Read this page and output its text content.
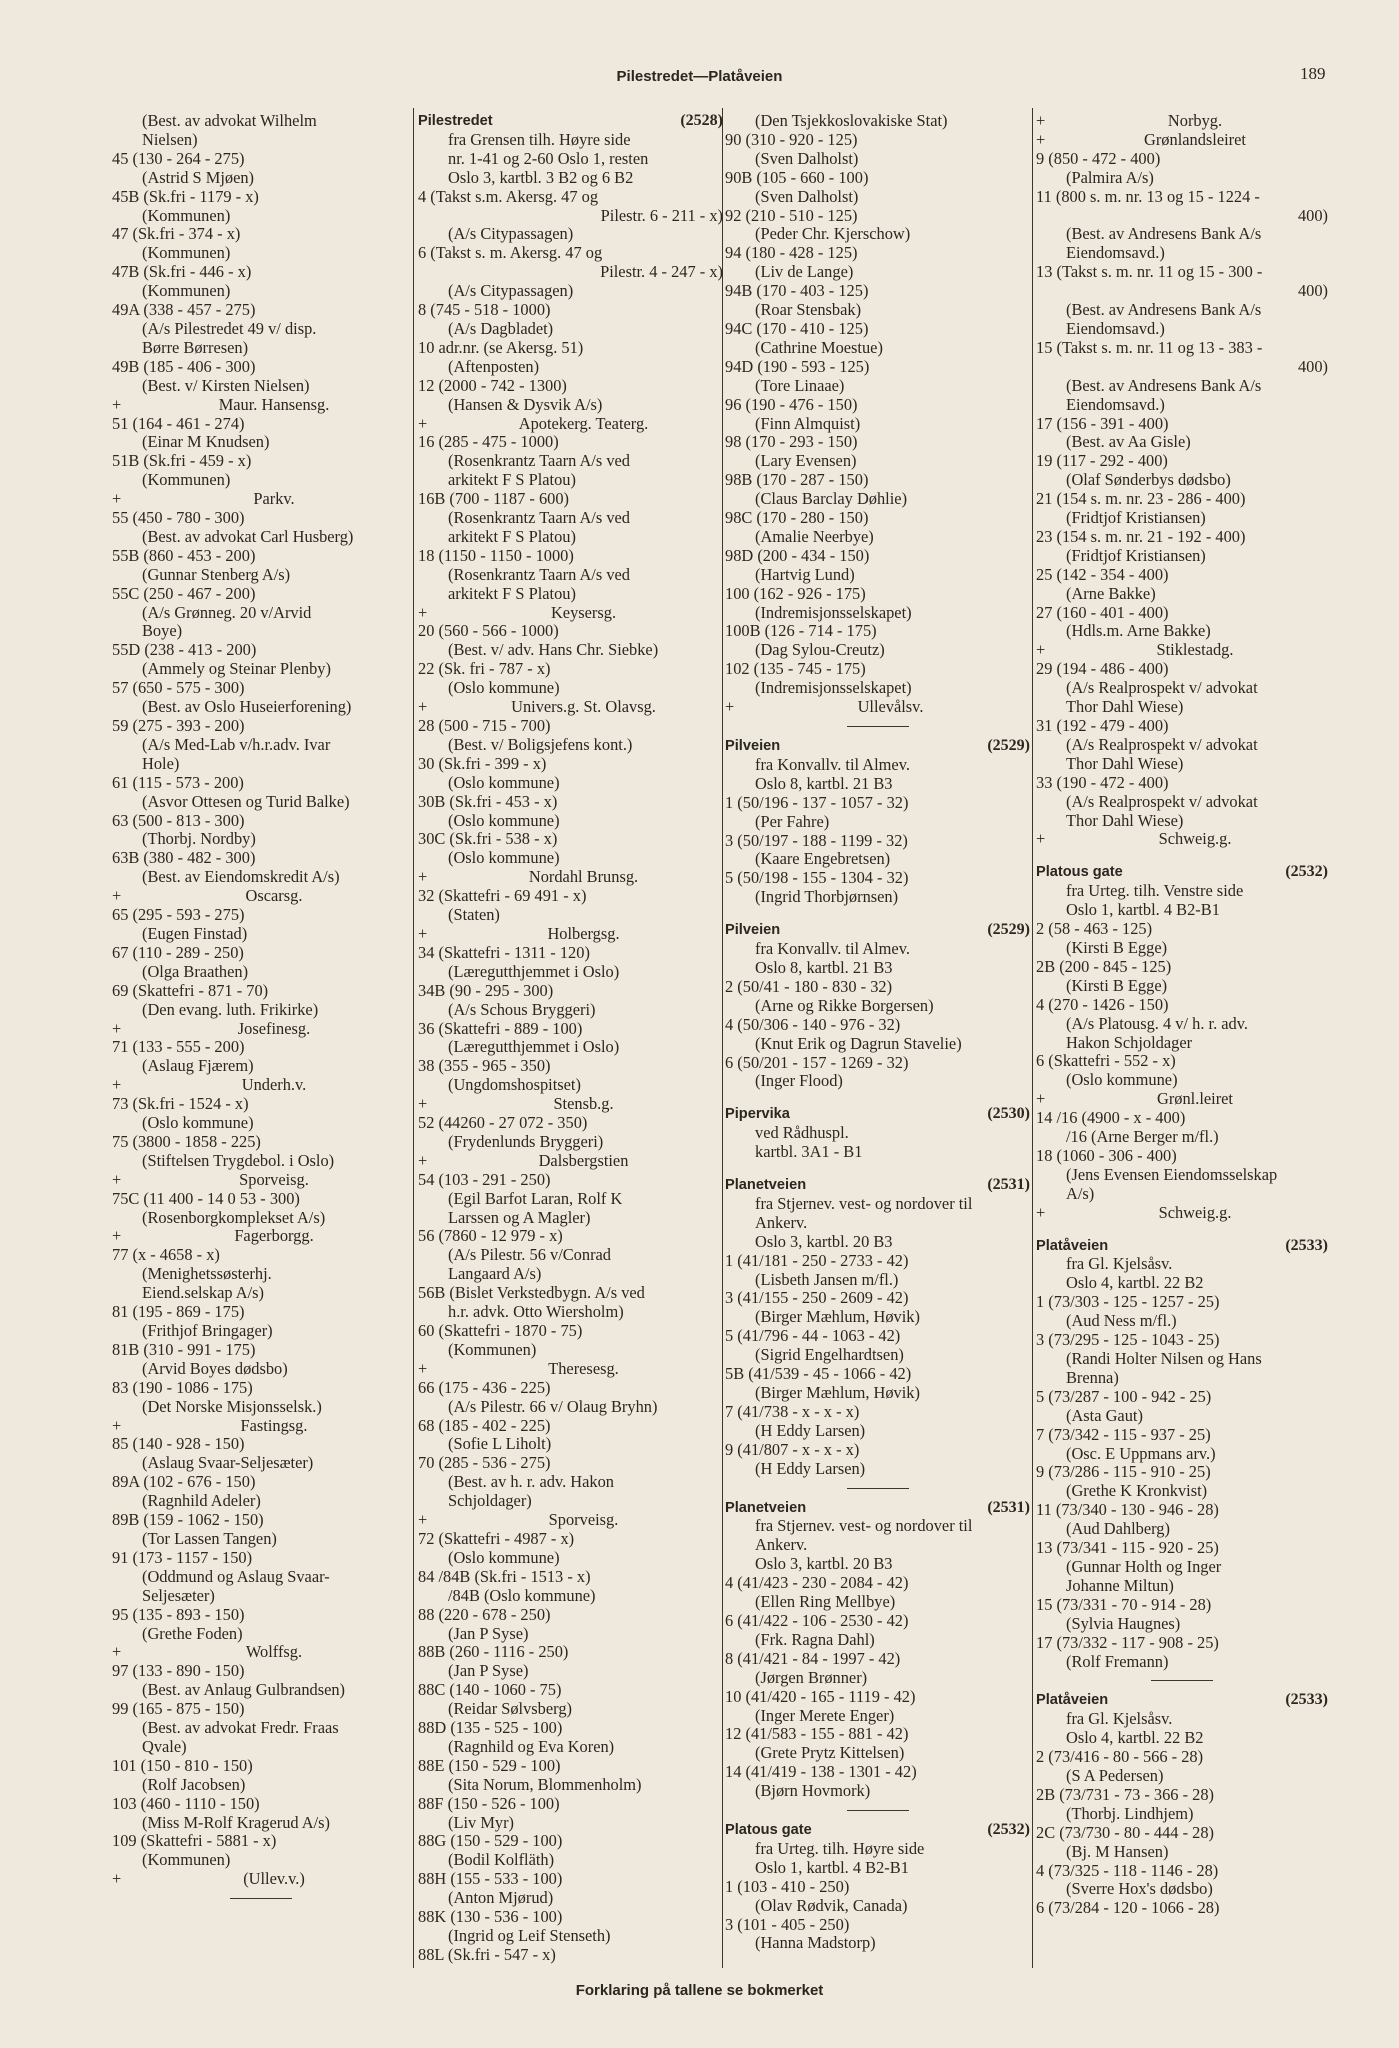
Pilestredet—Platåveien	189
(Best. av advokat Wilhelm
Nielsen)
45 (130 - 264 - 275)
(Astrid S Mjøen)
45B (Sk.fri - 1179 - x)
(Kommunen)
47 (Sk.fri - 374 - x)
(Kommunen)
47B (Sk.fri - 446 - x)
(Kommunen)
49A (338 - 457 - 275)
(A/s Pilestredet 49 v/ disp.
Børre Børresen)
49B (185 - 406 - 300)
(Best. v/ Kirsten Nielsen)
+	Maur. Hansensg.
51 (164 - 461 - 274)
(Einar M Knudsen)
51B (Sk.fri - 459 - x)
(Kommunen)
+	Parkv.
55 (450 - 780 - 300)
(Best. av advokat Carl Husberg)
55B (860 - 453 - 200)
(Gunnar Stenberg A/s)
55C (250 - 467 - 200)
(A/s Grønneg. 20 v/Arvid
Boye)
55D (238 - 413 - 200)
(Ammely og Steinar Plenby)
57 (650 - 575 - 300)
(Best. av Oslo Huseierforening)
59 (275 - 393 - 200)
(A/s Med-Lab v/h.r.adv. Ivar
Hole)
61 (115 - 573 - 200)
(Asvor Ottesen og Turid Balke)
63 (500 - 813 - 300)
(Thorbj. Nordby)
63B (380 - 482 - 300)
(Best. av Eiendomskredit A/s)
+	Oscarsg.
65 (295 - 593 - 275)
(Eugen Finstad)
67 (110 - 289 - 250)
(Olga Braathen)
69 (Skattefri - 871 - 70)
(Den evang. luth. Frikirke)
+	Josefinesg.
71 (133 - 555 - 200)
(Aslaug Fjærem)
+	Underh.v.
73 (Sk.fri - 1524 - x)
(Oslo kommune)
75 (3800 - 1858 - 225)
(Stiftelsen Trygdebol. i Oslo)
+	Sporveisg.
75C (11 400 - 14 0 53 - 300)
(Rosenborgkomplekset A/s)
+	Fagerborgg.
77 (x - 4658 - x)
(Menighetssøsterhj.
Eiend.selskap A/s)
81 (195 - 869 - 175)
(Frithjof Bringager)
81B (310 - 991 - 175)
(Arvid Boyes dødsbo)
83 (190 - 1086 - 175)
(Det Norske Misjonsselsk.)
+	Fastingsg.
85 (140 - 928 - 150)
(Aslaug Svaar-Seljesæter)
89A (102 - 676 - 150)
(Ragnhild Adeler)
89B (159 - 1062 - 150)
(Tor Lassen Tangen)
91 (173 - 1157 - 150)
(Oddmund og Aslaug Svaar-
Seljesæter)
95 (135 - 893 - 150)
(Grethe Foden)
+	Wolffsg.
97 (133 - 890 - 150)
(Best. av Anlaug Gulbrandsen)
99 (165 - 875 - 150)
(Best. av advokat Fredr. Fraas
Qvale)
101 (150 - 810 - 150)
(Rolf Jacobsen)
103 (460 - 1110 - 150)
(Miss M-Rolf Kragerud A/s)
109 (Skattefri - 5881 - x)
(Kommunen)
+	(Ullev.v.)
Pilestredet	(2528)
fra Grensen tilh. Høyre side
nr. 1-41 og 2-60 Oslo 1, resten
Oslo 3, kartbl. 3 B2 og 6 B2
4 (Takst s.m. Akersg. 47 og
Pilestr. 6 - 211 - x)
(A/s Citypassagen)
6 (Takst s. m. Akersg. 47 og
Pilestr. 4 - 247 - x)
(A/s Citypassagen)
8 (745 - 518 - 1000)
(A/s Dagbladet)
10 adr.nr. (se Akersg. 51)
(Aftenposten)
12 (2000 - 742 - 1300)
(Hansen & Dysvik A/s)
+	Apotekerg. Teaterg.
16 (285 - 475 - 1000)
(Rosenkrantz Taarn A/s ved
arkitekt F S Platou)
16B (700 - 1187 - 600)
(Rosenkrantz Taarn A/s ved
arkitekt F S Platou)
18 (1150 - 1150 - 1000)
(Rosenkrantz Taarn A/s ved
arkitekt F S Platou)
+	Keysersg.
20 (560 - 566 - 1000)
(Best. v/ adv. Hans Chr. Siebke)
22 (Sk. fri - 787 - x)
(Oslo kommune)
+	Univers.g. St. Olavsg.
28 (500 - 715 - 700)
(Best. v/ Boligsjefens kont.)
30 (Sk.fri - 399 - x)
(Oslo kommune)
30B (Sk.fri - 453 - x)
(Oslo kommune)
30C (Sk.fri - 538 - x)
(Oslo kommune)
+	Nordahl Brunsg.
32 (Skattefri - 69 491 - x)
(Staten)
+	Holbergsg.
34 (Skattefri - 1311 - 120)
(Læregutthjemmet i Oslo)
34B (90 - 295 - 300)
(A/s Schous Bryggeri)
36 (Skattefri - 889 - 100)
(Læregutthjemmet i Oslo)
38 (355 - 965 - 350)
(Ungdomshospitset)
+	Stensb.g.
52 (44260 - 27 072 - 350)
(Frydenlunds Bryggeri)
+	Dalsbergstien
54 (103 - 291 - 250)
(Egil Barfot Laran, Rolf K
Larssen og A Magler)
56 (7860 - 12 979 - x)
(A/s Pilestr. 56 v/Conrad
Langaard A/s)
56B (Bislet Verkstedbygn. A/s ved
h.r. advk. Otto Wiersholm)
60 (Skattefri - 1870 - 75)
(Kommunen)
+	Theresesg.
66 (175 - 436 - 225)
(A/s Pilestr. 66 v/ Olaug Bryhn)
68 (185 - 402 - 225)
(Sofie L Liholt)
70 (285 - 536 - 275)
(Best. av h. r. adv. Hakon
Schjoldager)
+	Sporveisg.
72 (Skattefri - 4987 - x)
(Oslo kommune)
84 /84B (Sk.fri - 1513 - x)
/84B (Oslo kommune)
88 (220 - 678 - 250)
(Jan P Syse)
88B (260 - 1116 - 250)
(Jan P Syse)
88C (140 - 1060 - 75)
(Reidar Sølvsberg)
88D (135 - 525 - 100)
(Ragnhild og Eva Koren)
88E (150 - 529 - 100)
(Sita Norum, Blommenholm)
88F (150 - 526 - 100)
(Liv Myr)
88G (150 - 529 - 100)
(Bodil Kolfläth)
88H (155 - 533 - 100)
(Anton Mjørud)
88K (130 - 536 - 100)
(Ingrid og Leif Stenseth)
88L (Sk.fri - 547 - x)
(Den Tsjekkoslovakiske Stat)
90 (310 - 920 - 125)
(Sven Dalholst)
90B (105 - 660 - 100)
(Sven Dalholst)
92 (210 - 510 - 125)
(Peder Chr. Kjerschow)
94 (180 - 428 - 125)
(Liv de Lange)
94B (170 - 403 - 125)
(Roar Stensbak)
94C (170 - 410 - 125)
(Cathrine Moestue)
94D (190 - 593 - 125)
(Tore Linaae)
96 (190 - 476 - 150)
(Finn Almquist)
98 (170 - 293 - 150)
(Lary Evensen)
98B (170 - 287 - 150)
(Claus Barclay Døhlie)
98C (170 - 280 - 150)
(Amalie Neerbye)
98D (200 - 434 - 150)
(Hartvig Lund)
100 (162 - 926 - 175)
(Indremisjonsselskapet)
100B (126 - 714 - 175)
(Dag Sylou-Creutz)
102 (135 - 745 - 175)
(Indremisjonsselskapet)
+	Ullevålsv.
Pilveien	(2529)
fra Konvallv. til Almev.
Oslo 8, kartbl. 21 B3
1 (50/196 - 137 - 1057 - 32)
(Per Fahre)
3 (50/197 - 188 - 1199 - 32)
(Kaare Engebretsen)
5 (50/198 - 155 - 1304 - 32)
(Ingrid Thorbjørnsen)
Pilveien	(2529)
fra Konvallv. til Almev.
Oslo 8, kartbl. 21 B3
2 (50/41 - 180 - 830 - 32)
(Arne og Rikke Borgersen)
4 (50/306 - 140 - 976 - 32)
(Knut Erik og Dagrun Stavelie)
6 (50/201 - 157 - 1269 - 32)
(Inger Flood)
Pipervika	(2530)
ved Rådhuspl.
kartbl. 3A1 - B1
Planetveien	(2531)
fra Stjernev. vest- og nordover til
Ankerv.
Oslo 3, kartbl. 20 B3
1 (41/181 - 250 - 2733 - 42)
(Lisbeth Jansen m/fl.)
3 (41/155 - 250 - 2609 - 42)
(Birger Mæhlum, Høvik)
5 (41/796 - 44 - 1063 - 42)
(Sigrid Engelhardtsen)
5B (41/539 - 45 - 1066 - 42)
(Birger Mæhlum, Høvik)
7 (41/738 - x - x - x)
(H Eddy Larsen)
9 (41/807 - x - x - x)
(H Eddy Larsen)
Planetveien	(2531)
fra Stjernev. vest- og nordover til
Ankerv.
Oslo 3, kartbl. 20 B3
4 (41/423 - 230 - 2084 - 42)
(Ellen Ring Mellbye)
6 (41/422 - 106 - 2530 - 42)
(Frk. Ragna Dahl)
8 (41/421 - 84 - 1997 - 42)
(Jørgen Brønner)
10 (41/420 - 165 - 1119 - 42)
(Inger Merete Enger)
12 (41/583 - 155 - 881 - 42)
(Grete Prytz Kittelsen)
14 (41/419 - 138 - 1301 - 42)
(Bjørn Hovmork)
Platous gate	(2532)
fra Urteg. tilh. Høyre side
Oslo 1, kartbl. 4 B2-B1
1 (103 - 410 - 250)
(Olav Rødvik, Canada)
3 (101 - 405 - 250)
(Hanna Madstorp)
+	Norbyg.
+	Grønlandsleiret
9 (850 - 472 - 400)
(Palmira A/s)
11 (800 s. m. nr. 13 og 15 - 1224 -
400)
(Best. av Andresens Bank A/s
Eiendomsavd.)
13 (Takst s. m. nr. 11 og 15 - 300 -
400)
(Best. av Andresens Bank A/s
Eiendomsavd.)
15 (Takst s. m. nr. 11 og 13 - 383 -
400)
(Best. av Andresens Bank A/s
Eiendomsavd.)
17 (156 - 391 - 400)
(Best. av Aa Gisle)
19 (117 - 292 - 400)
(Olaf Sønderbys dødsbo)
21 (154 s. m. nr. 23 - 286 - 400)
(Fridtjof Kristiansen)
23 (154 s. m. nr. 21 - 192 - 400)
(Fridtjof Kristiansen)
25 (142 - 354 - 400)
(Arne Bakke)
27 (160 - 401 - 400)
(Hdls.m. Arne Bakke)
+	Stiklestadg.
29 (194 - 486 - 400)
(A/s Realprospekt v/ advokat
Thor Dahl Wiese)
31 (192 - 479 - 400)
(A/s Realprospekt v/ advokat
Thor Dahl Wiese)
33 (190 - 472 - 400)
(A/s Realprospekt v/ advokat
Thor Dahl Wiese)
+	Schweig.g.
Platous gate	(2532)
fra Urteg. tilh. Venstre side
Oslo 1, kartbl. 4 B2-B1
2 (58 - 463 - 125)
(Kirsti B Egge)
2B (200 - 845 - 125)
(Kirsti B Egge)
4 (270 - 1426 - 150)
(A/s Platousg. 4 v/ h. r. adv.
Hakon Schjoldager
6 (Skattefri - 552 - x)
(Oslo kommune)
+	Grønl.leiret
14 /16 (4900 - x - 400)
/16 (Arne Berger m/fl.)
18 (1060 - 306 - 400)
(Jens Evensen Eiendomsselskap
A/s)
+	Schweig.g.
Platåveien	(2533)
fra Gl. Kjelsåsv.
Oslo 4, kartbl. 22 B2
1 (73/303 - 125 - 1257 - 25)
(Aud Ness m/fl.)
3 (73/295 - 125 - 1043 - 25)
(Randi Holter Nilsen og Hans
Brenna)
5 (73/287 - 100 - 942 - 25)
(Asta Gaut)
7 (73/342 - 115 - 937 - 25)
(Osc. E Uppmans arv.)
9 (73/286 - 115 - 910 - 25)
(Grethe K Kronkvist)
11 (73/340 - 130 - 946 - 28)
(Aud Dahlberg)
13 (73/341 - 115 - 920 - 25)
(Gunnar Holth og Inger
Johanne Miltun)
15 (73/331 - 70 - 914 - 28)
(Sylvia Haugnes)
17 (73/332 - 117 - 908 - 25)
(Rolf Fremann)
Platåveien	(2533)
fra Gl. Kjelsåsv.
Oslo 4, kartbl. 22 B2
2 (73/416 - 80 - 566 - 28)
(S A Pedersen)
2B (73/731 - 73 - 366 - 28)
(Thorbj. Lindhjem)
2C (73/730 - 80 - 444 - 28)
(Bj. M Hansen)
4 (73/325 - 118 - 1146 - 28)
(Sverre Hox's dødsbo)
6 (73/284 - 120 - 1066 - 28)
Forklaring på tallene se bokmerket
